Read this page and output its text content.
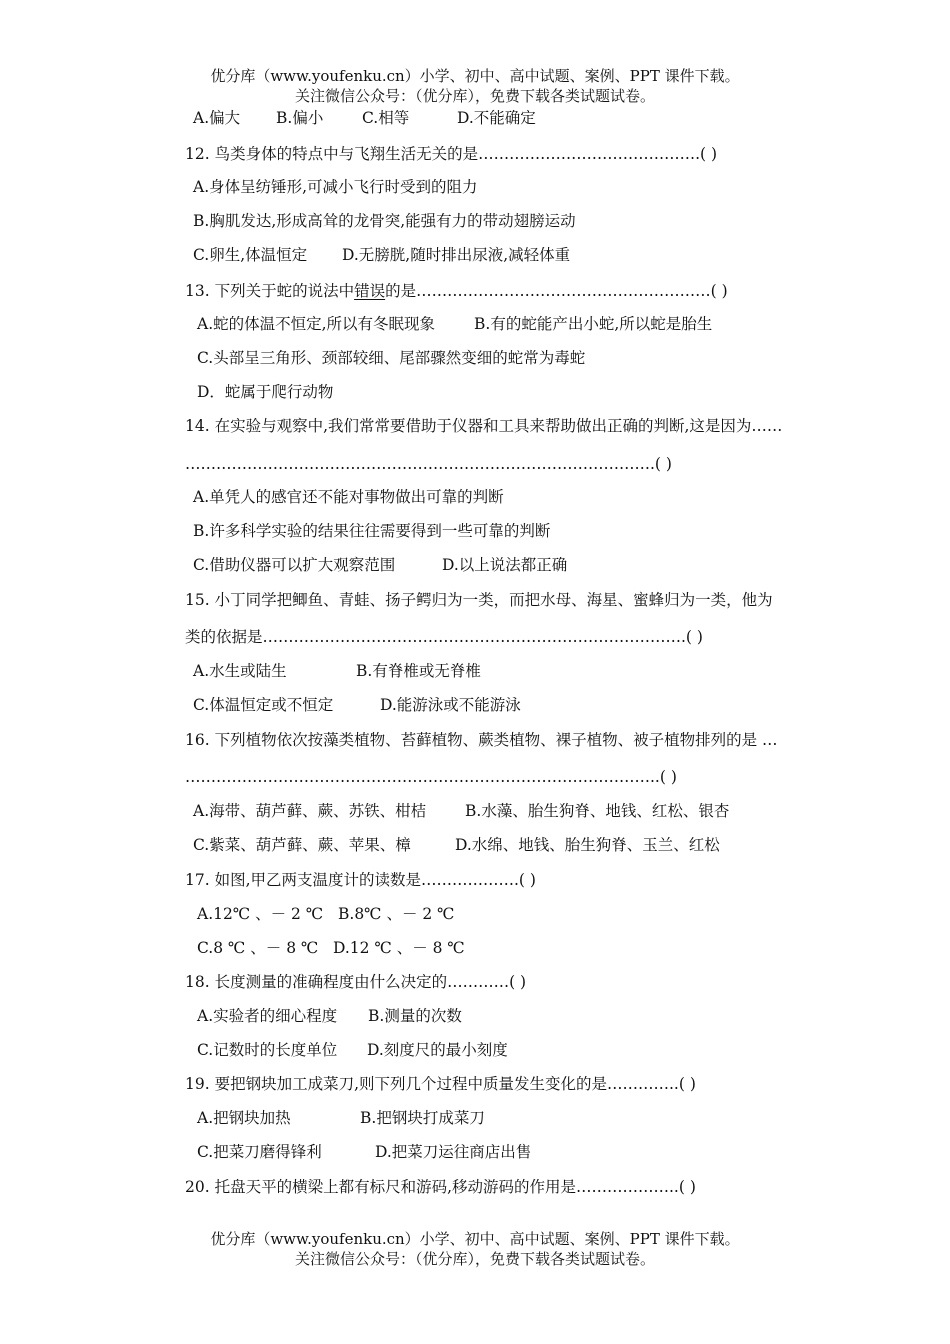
优分库（www.youfenku.cn）小学、初中、高中试题、案例、PPT 课件下载。
关注微信公众号：（优分库），免费下载各类试题试卷。
A.偏大 B.偏小 C.相等	D.不能确定
12. 鸟类身体的特点中与飞翔生活无关的是…………………………………….( )
A.身体呈纺锤形,可减小飞行时受到的阻力
B.胸肌发达,形成高耸的龙骨突,能强有力的带动翅膀运动
C.卵生,体温恒定 D.无膀胱,随时排出尿液,减轻体重
13. 下列关于蛇的说法中错误的是…………………………………………………( )
A.蛇的体温不恒定,所以有冬眠现象	B.有的蛇能产出小蛇,所以蛇是胎生
C.头部呈三角形、颈部较细、尾部骤然变细的蛇常为毒蛇
D．蛇属于爬行动物
14. 在实验与观察中,我们常常要借助于仪器和工具来帮助做出正确的判断,这是因为……
……………………………………………………………………………….( )
A.单凭人的感官还不能对事物做出可靠的判断
B.许多科学实验的结果往往需要得到一些可靠的判断
C.借助仪器可以扩大观察范围	D.以上说法都正确
15. 小丁同学把鲫鱼、青蛙、扬子鳄归为一类，而把水母、海星、蜜蜂归为一类，他为
类的依据是……………………………………………………………………….( )
A.水生或陆生	B.有脊椎或无脊椎
C.体温恒定或不恒定	D.能游泳或不能游泳
16. 下列植物依次按藻类植物、苔藓植物、蕨类植物、裸子植物、被子植物排列的是 …
………………………………………………………………………………..( )
A.海带、葫芦藓、蕨、苏铁、柑桔	B.水藻、胎生狗脊、地钱、红松、银杏
C.紫菜、葫芦藓、蕨、苹果、樟	D.水绵、地钱、胎生狗脊、玉兰、红松
17. 如图,甲乙两支温度计的读数是……………….( )
A.12℃ 、－ 2 ℃ B.8℃ 、－ 2 ℃
C.8 ℃ 、－ 8 ℃ D.12 ℃ 、－ 8 ℃
18. 长度测量的准确程度由什么决定的…………( )
A.实验者的细心程度 B.测量的次数
C.记数时的长度单位 D.刻度尺的最小刻度
19. 要把钢块加工成菜刀,则下列几个过程中质量发生变化的是…………..( )
A.把钢块加热	B.把钢块打成菜刀
C.把菜刀磨得锋利	D.把菜刀运往商店出售
20. 托盘天平的横梁上都有标尺和游码,移动游码的作用是………………..( )
优分库（www.youfenku.cn）小学、初中、高中试题、案例、PPT 课件下载。
关注微信公众号：（优分库），免费下载各类试题试卷。
